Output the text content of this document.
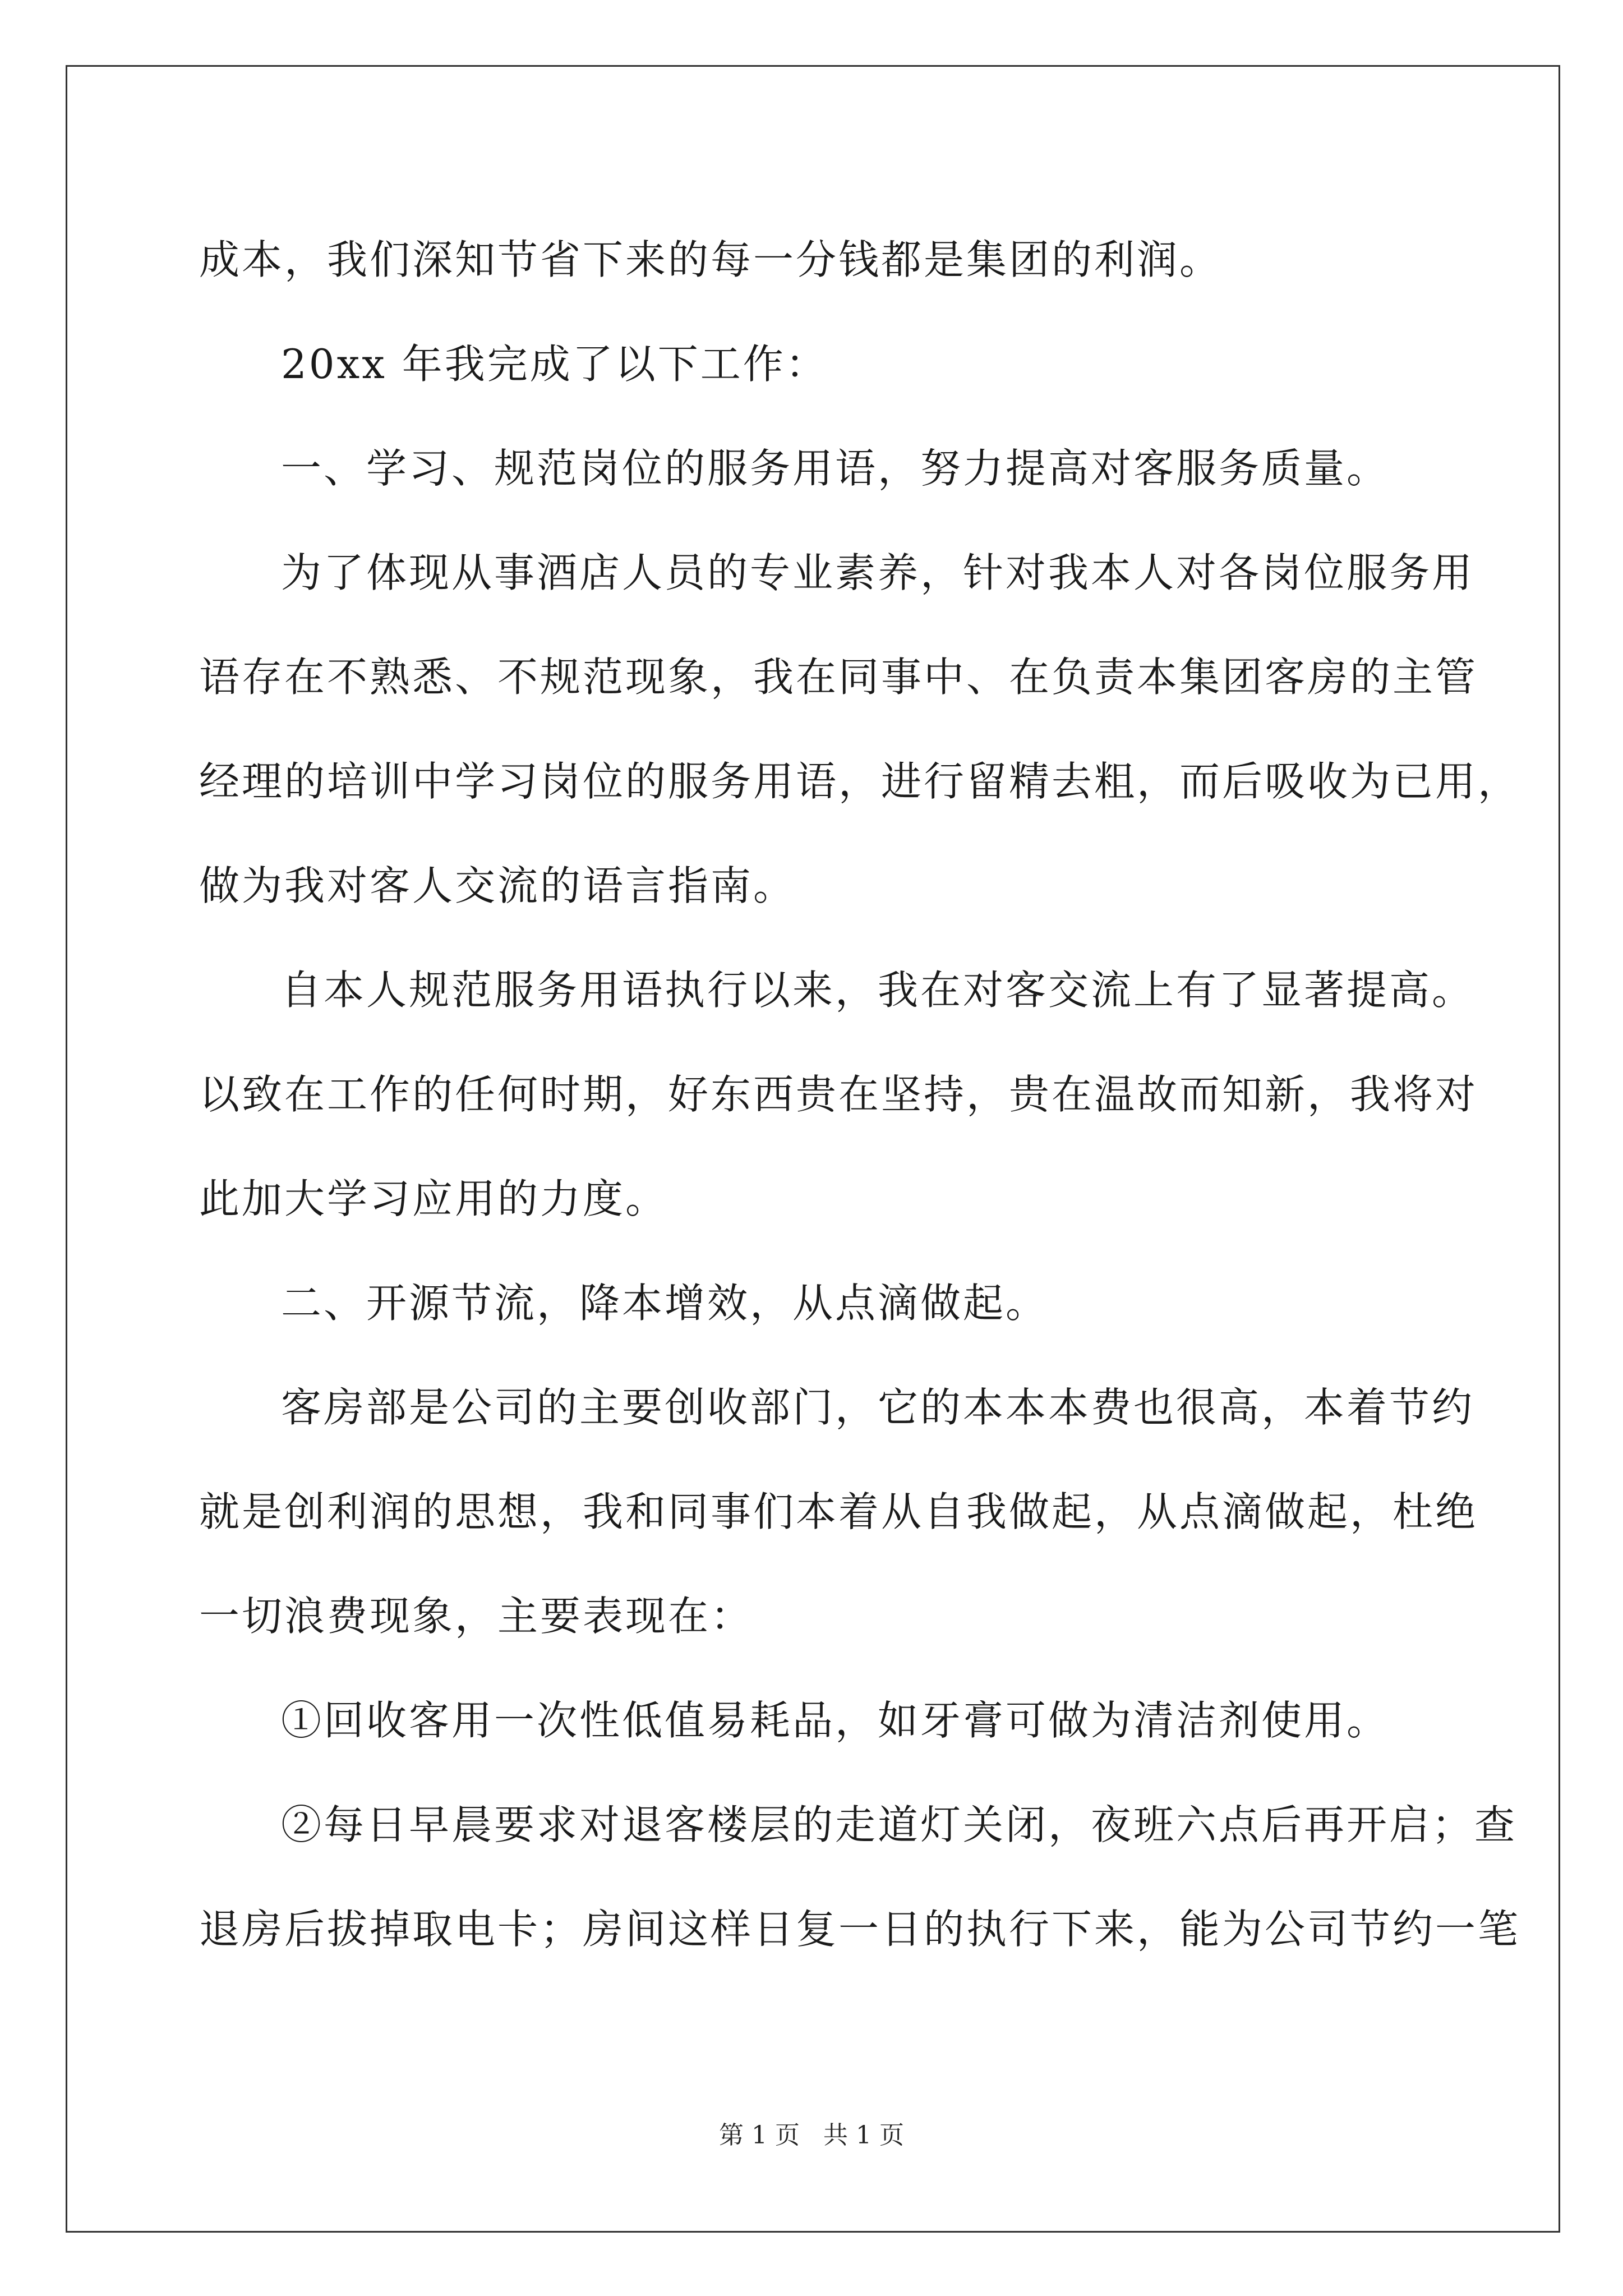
成本，我们深知节省下来的每一分钱都是集团的利润。
20xx 年我完成了以下工作：
一、学习、规范岗位的服务用语，努力提高对客服务质量。
为了体现从事酒店人员的专业素养，针对我本人对各岗位服务用
语存在不熟悉、不规范现象，我在同事中、在负责本集团客房的主管
经理的培训中学习岗位的服务用语，进行留精去粗，而后吸收为已用，
做为我对客人交流的语言指南。
自本人规范服务用语执行以来，我在对客交流上有了显著提高。
以致在工作的任何时期，好东西贵在坚持，贵在温故而知新，我将对
此加大学习应用的力度。
二、开源节流，降本增效，从点滴做起。
客房部是公司的主要创收部门，它的本本本费也很高，本着节约
就是创利润的思想，我和同事们本着从自我做起，从点滴做起，杜绝
一切浪费现象，主要表现在：
①回收客用一次性低值易耗品，如牙膏可做为清洁剂使用。
②每日早晨要求对退客楼层的走道灯关闭，夜班六点后再开启；查
退房后拔掉取电卡；房间这样日复一日的执行下来，能为公司节约一笔
第 1 页 共 1 页
